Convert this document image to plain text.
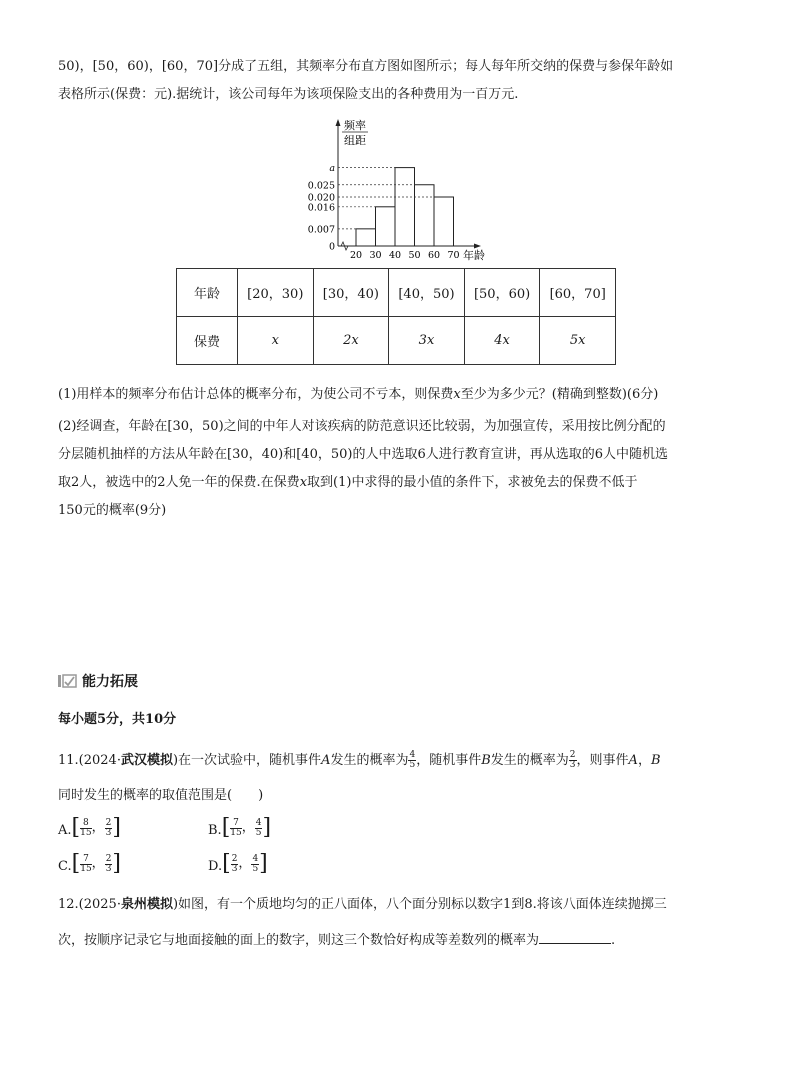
50)，[50，60)，[60，70]分成了五组，其频率分布直方图如图所示；每人每年所交纳的保费与参保年龄如
表格所示(保费：元).据统计，该公司每年为该项保险支出的各种费用为一百万元.
频率
组距
年龄
0.007
0.016
a
0.025
0.020
0
20 30 40 50 60 70
年龄	[20，30)	[30，40)	[40，50)	[50，60)	[60，70]
保费	x	2x	3x	4x	5x
(1)用样本的频率分布估计总体的概率分布，为使公司不亏本，则保费x至少为多少元？(精确到整数)(6分)
(2)经调查，年龄在[30，50)之间的中年人对该疾病的防范意识还比较弱，为加强宣传，采用按比例分配的
分层随机抽样的方法从年龄在[30，40)和[40，50)的人中选取6人进行教育宣讲，再从选取的6人中随机选
取2人，被选中的2人免一年的保费.在保费x取到(1)中求得的最小值的条件下，求被免去的保费不低于
150元的概率(9分)
能力拓展
每小题5分，共10分
11.(2024·武汉模拟)在一次试验中，随机事件A发生的概率为 $\frac{4}{5}$ ，随机事件B发生的概率为 $\frac{2}{3}$ ，则事件A，B
同时发生的概率的取值范围是(　　)
A. [ $\frac{8}{15}$ ， $\frac{2}{3}$ ]	B. [ $\frac{7}{15}$ ， $\frac{4}{5}$ ]
C. [ $\frac{7}{15}$ ， $\frac{2}{3}$ ]	D. [ $\frac{2}{3}$ ， $\frac{4}{5}$ ]
12.(2025·泉州模拟)如图，有一个质地均匀的正八面体，八个面分别标以数字1到8.将该八面体连续抛掷三
次，按顺序记录它与地面接触的面上的数字，则这三个数恰好构成等差数列的概率为	.
